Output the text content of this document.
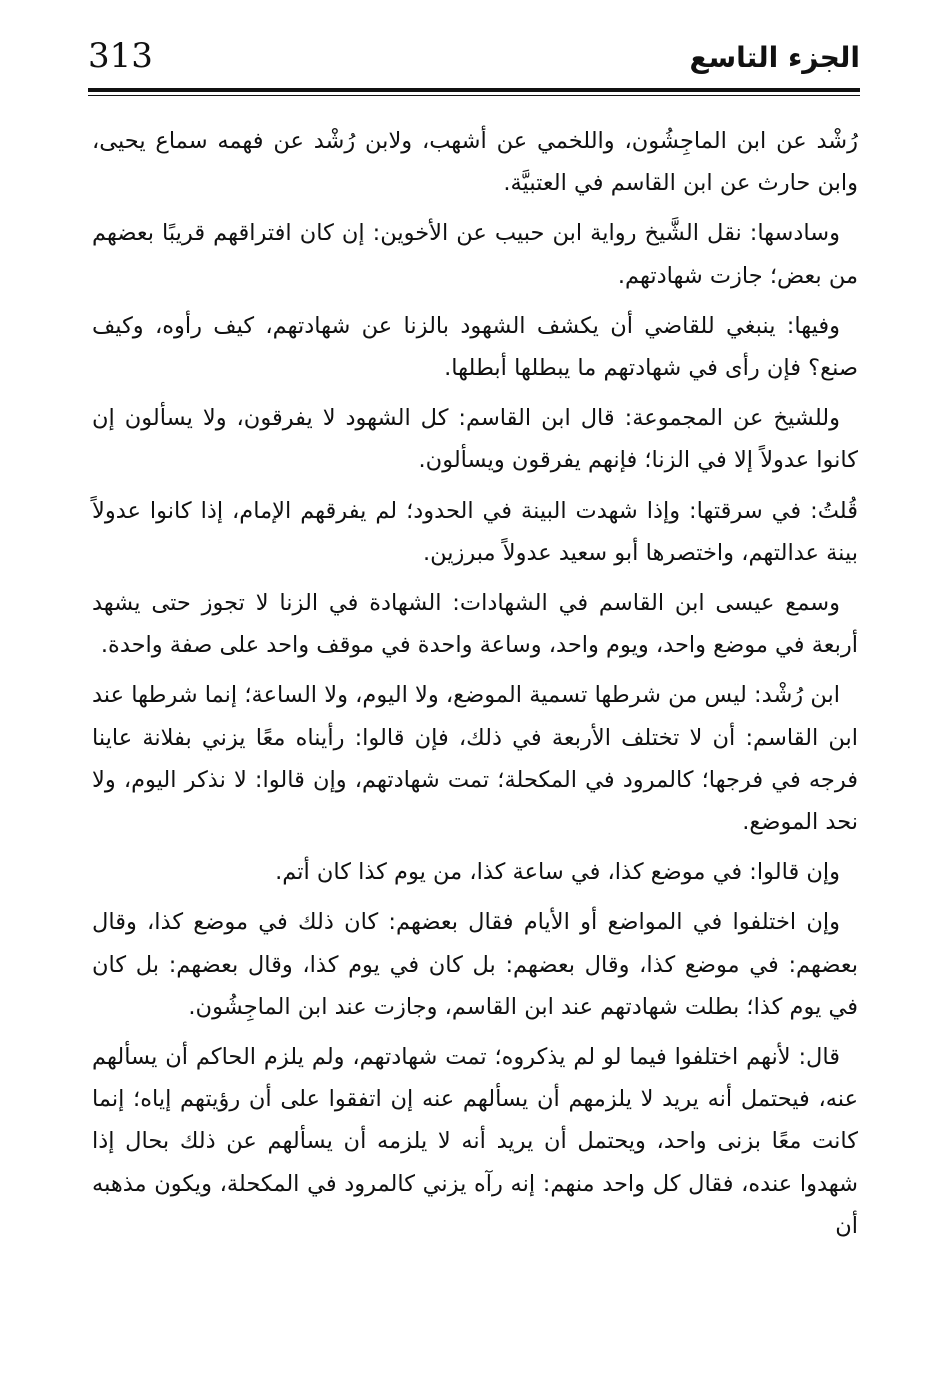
313	الجزء التاسع

رُشْد عن ابن الماجِشُون، واللخمي عن أشهب، ولابن رُشْد عن فهمه سماع يحيى، وابن حارث عن ابن القاسم في العتبيَّة.

وسادسها: نقل الشَّيخ رواية ابن حبيب عن الأخوين: إن كان افتراقهم قريبًا بعضهم من بعض؛ جازت شهادتهم.

وفيها: ينبغي للقاضي أن يكشف الشهود بالزنا عن شهادتهم، كيف رأوه، وكيف صنع؟ فإن رأى في شهادتهم ما يبطلها أبطلها.

وللشيخ عن المجموعة: قال ابن القاسم: كل الشهود لا يفرقون، ولا يسألون إن كانوا عدولاً إلا في الزنا؛ فإنهم يفرقون ويسألون.

قُلتُ: في سرقتها: وإذا شهدت البينة في الحدود؛ لم يفرقهم الإمام، إذا كانوا عدولاً بينة عدالتهم، واختصرها أبو سعيد عدولاً مبرزين.

وسمع عيسى ابن القاسم في الشهادات: الشهادة في الزنا لا تجوز حتى يشهد أربعة في موضع واحد، ويوم واحد، وساعة واحدة في موقف واحد على صفة واحدة.

ابن رُشْد: ليس من شرطها تسمية الموضع، ولا اليوم، ولا الساعة؛ إنما شرطها عند ابن القاسم: أن لا تختلف الأربعة في ذلك، فإن قالوا: رأيناه معًا يزني بفلانة عاينا فرجه في فرجها؛ كالمرود في المكحلة؛ تمت شهادتهم، وإن قالوا: لا نذكر اليوم، ولا نحد الموضع.

وإن قالوا: في موضع كذا، في ساعة كذا، من يوم كذا كان أتم.

وإن اختلفوا في المواضع أو الأيام فقال بعضهم: كان ذلك في موضع كذا، وقال بعضهم: في موضع كذا، وقال بعضهم: بل كان في يوم كذا، وقال بعضهم: بل كان في يوم كذا؛ بطلت شهادتهم عند ابن القاسم، وجازت عند ابن الماجِشُون.

قال: لأنهم اختلفوا فيما لو لم يذكروه؛ تمت شهادتهم، ولم يلزم الحاكم أن يسألهم عنه، فيحتمل أنه يريد لا يلزمهم أن يسألهم عنه إن اتفقوا على أن رؤيتهم إياه؛ إنما كانت معًا بزنى واحد، ويحتمل أن يريد أنه لا يلزمه أن يسألهم عن ذلك بحال إذا شهدوا عنده، فقال كل واحد منهم: إنه رآه يزني كالمرود في المكحلة، ويكون مذهبه أن
